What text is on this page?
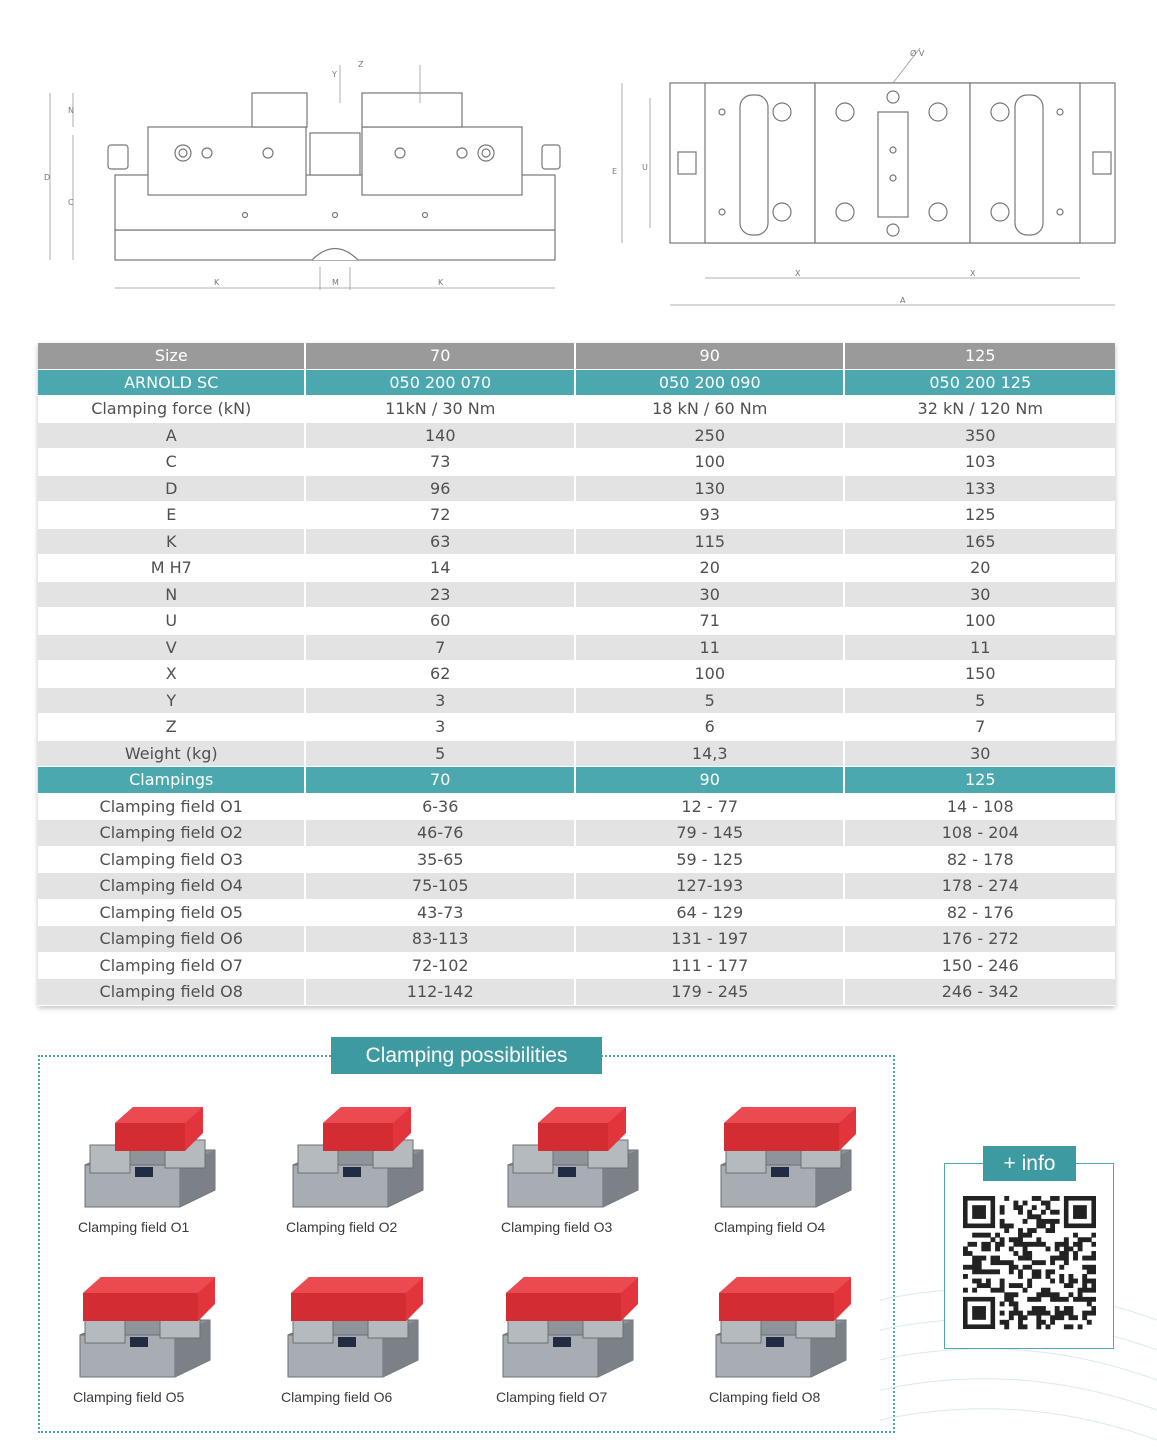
D
C
N
K	M	K
Y
Z
E	U
X	X
A
Ø V
Size	70	90	125
ARNOLD SC	050 200 070	050 200 090	050 200 125
Clamping force (kN)	11kN / 30 Nm	18 kN / 60 Nm	32 kN / 120 Nm
A	140	250	350
C	73	100	103
D	96	130	133
E	72	93	125
K	63	115	165
M H7	14	20	20
N	23	30	30
U	60	71	100
V	7	11	11
X	62	100	150
Y	3	5	5
Z	3	6	7
Weight (kg)	5	14,3	30
Clampings	70	90	125
Clamping field O1	6-36	12 - 77	14 - 108
Clamping field O2	46-76	79 - 145	108 - 204
Clamping field O3	35-65	59 - 125	82 - 178
Clamping field O4	75-105	127-193	178 - 274
Clamping field O5	43-73	64 - 129	82 - 176
Clamping field O6	83-113	131 - 197	176 - 272
Clamping field O7	72-102	111 - 177	150 - 246
Clamping field O8	112-142	179 - 245	246 - 342
Clamping possibilities
Clamping field O1	Clamping field O2	Clamping field O3	Clamping field O4
Clamping field O5	Clamping field O6	Clamping field O7	Clamping field O8
+ info
